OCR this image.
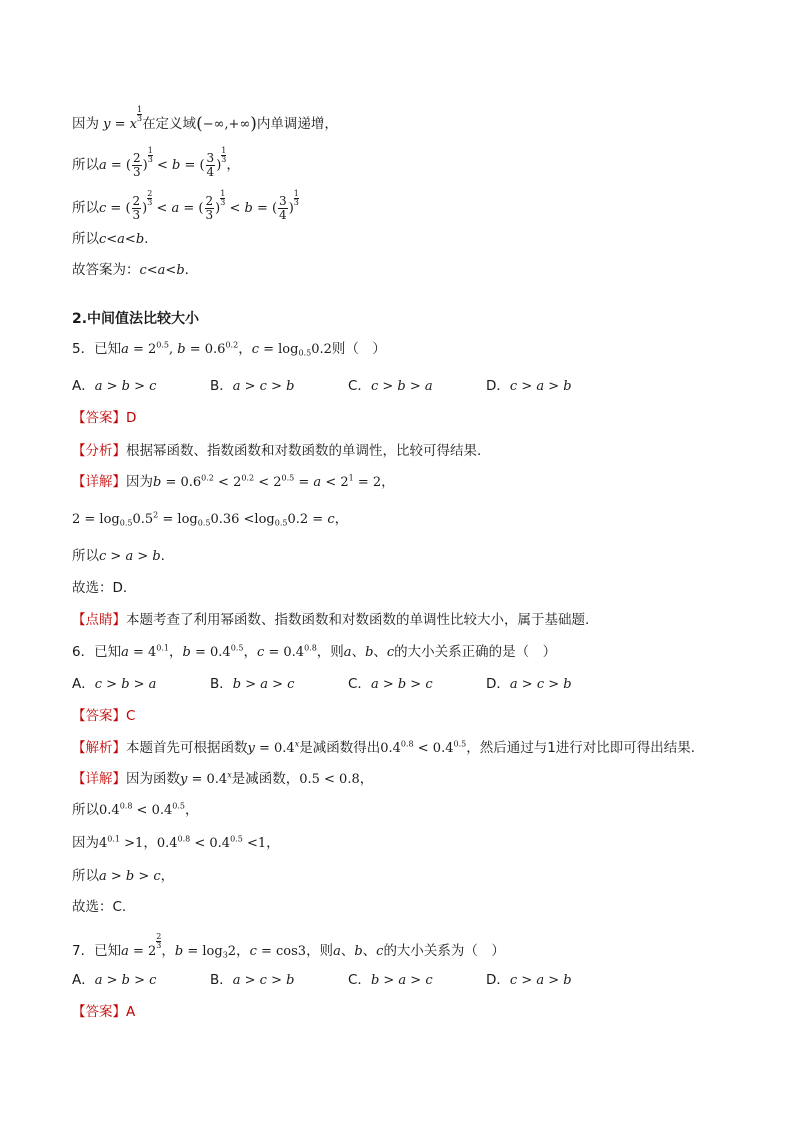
因为 y = x
$\frac{1}{3}$
在定义域(−∞,+∞)内单调递增，
所以a = ( $\frac{2}{3}$ )
$\frac{1}{3}$
< b = ( $\frac{3}{4}$ )
$\frac{1}{3}$
，
所以c = ( $\frac{2}{3}$ )
$\frac{2}{3}$
< a = ( $\frac{2}{3}$ )
$\frac{1}{3}$
< b = ( $\frac{3}{4}$ )
$\frac{1}{3}$
所以c<a<b.
故答案为：c<a<b.
2.中间值法比较大小
5．已知$a = 2^{0.5}$, $b = 0.6^{0.2}$，$c = \log_{0.5}0.2$则（　）
A．a > b > c	B．a > c > b	C．c > b > a	D．c > a > b
【答案】D
【分析】根据幂函数、指数函数和对数函数的单调性，比较可得结果.
【详解】因为$b = 0.6^{0.2} < 2^{0.2} < 2^{0.5} = a < 2^1 = 2$，
$2 = \log_{0.5}0.5^2 = \log_{0.5}0.36 <\log_{0.5}0.2 = c$，
所以c > a > b.
故选：D.
【点睛】本题考查了利用幂函数、指数函数和对数函数的单调性比较大小，属于基础题.
6．已知$a = 4^{0.1}$，$b = 0.4^{0.5}$，$c = 0.4^{0.8}$，则a、b、c的大小关系正确的是（　）
A．c > b > a	B．b > a > c	C．a > b > c	D．a > c > b
【答案】C
【解析】本题首先可根据函数$y = 0.4^x$是减函数得出$0.4^{0.8} < 0.4^{0.5}$，然后通过与1进行对比即可得出结果.
【详解】因为函数$y = 0.4^x$是减函数，0.5 < 0.8，
所以$0.4^{0.8} < 0.4^{0.5}$，
因为$4^{0.1} >1$，$0.4^{0.8} < 0.4^{0.5} <1$，
所以a > b > c，
故选：C.
7．已知a = 2
$\frac{2}{3}$
，$b = \log_32$，c = cos3，则a、b、c的大小关系为（　）
A．a > b > c	B．a > c > b	C．b > a > c	D．c > a > b
【答案】A
